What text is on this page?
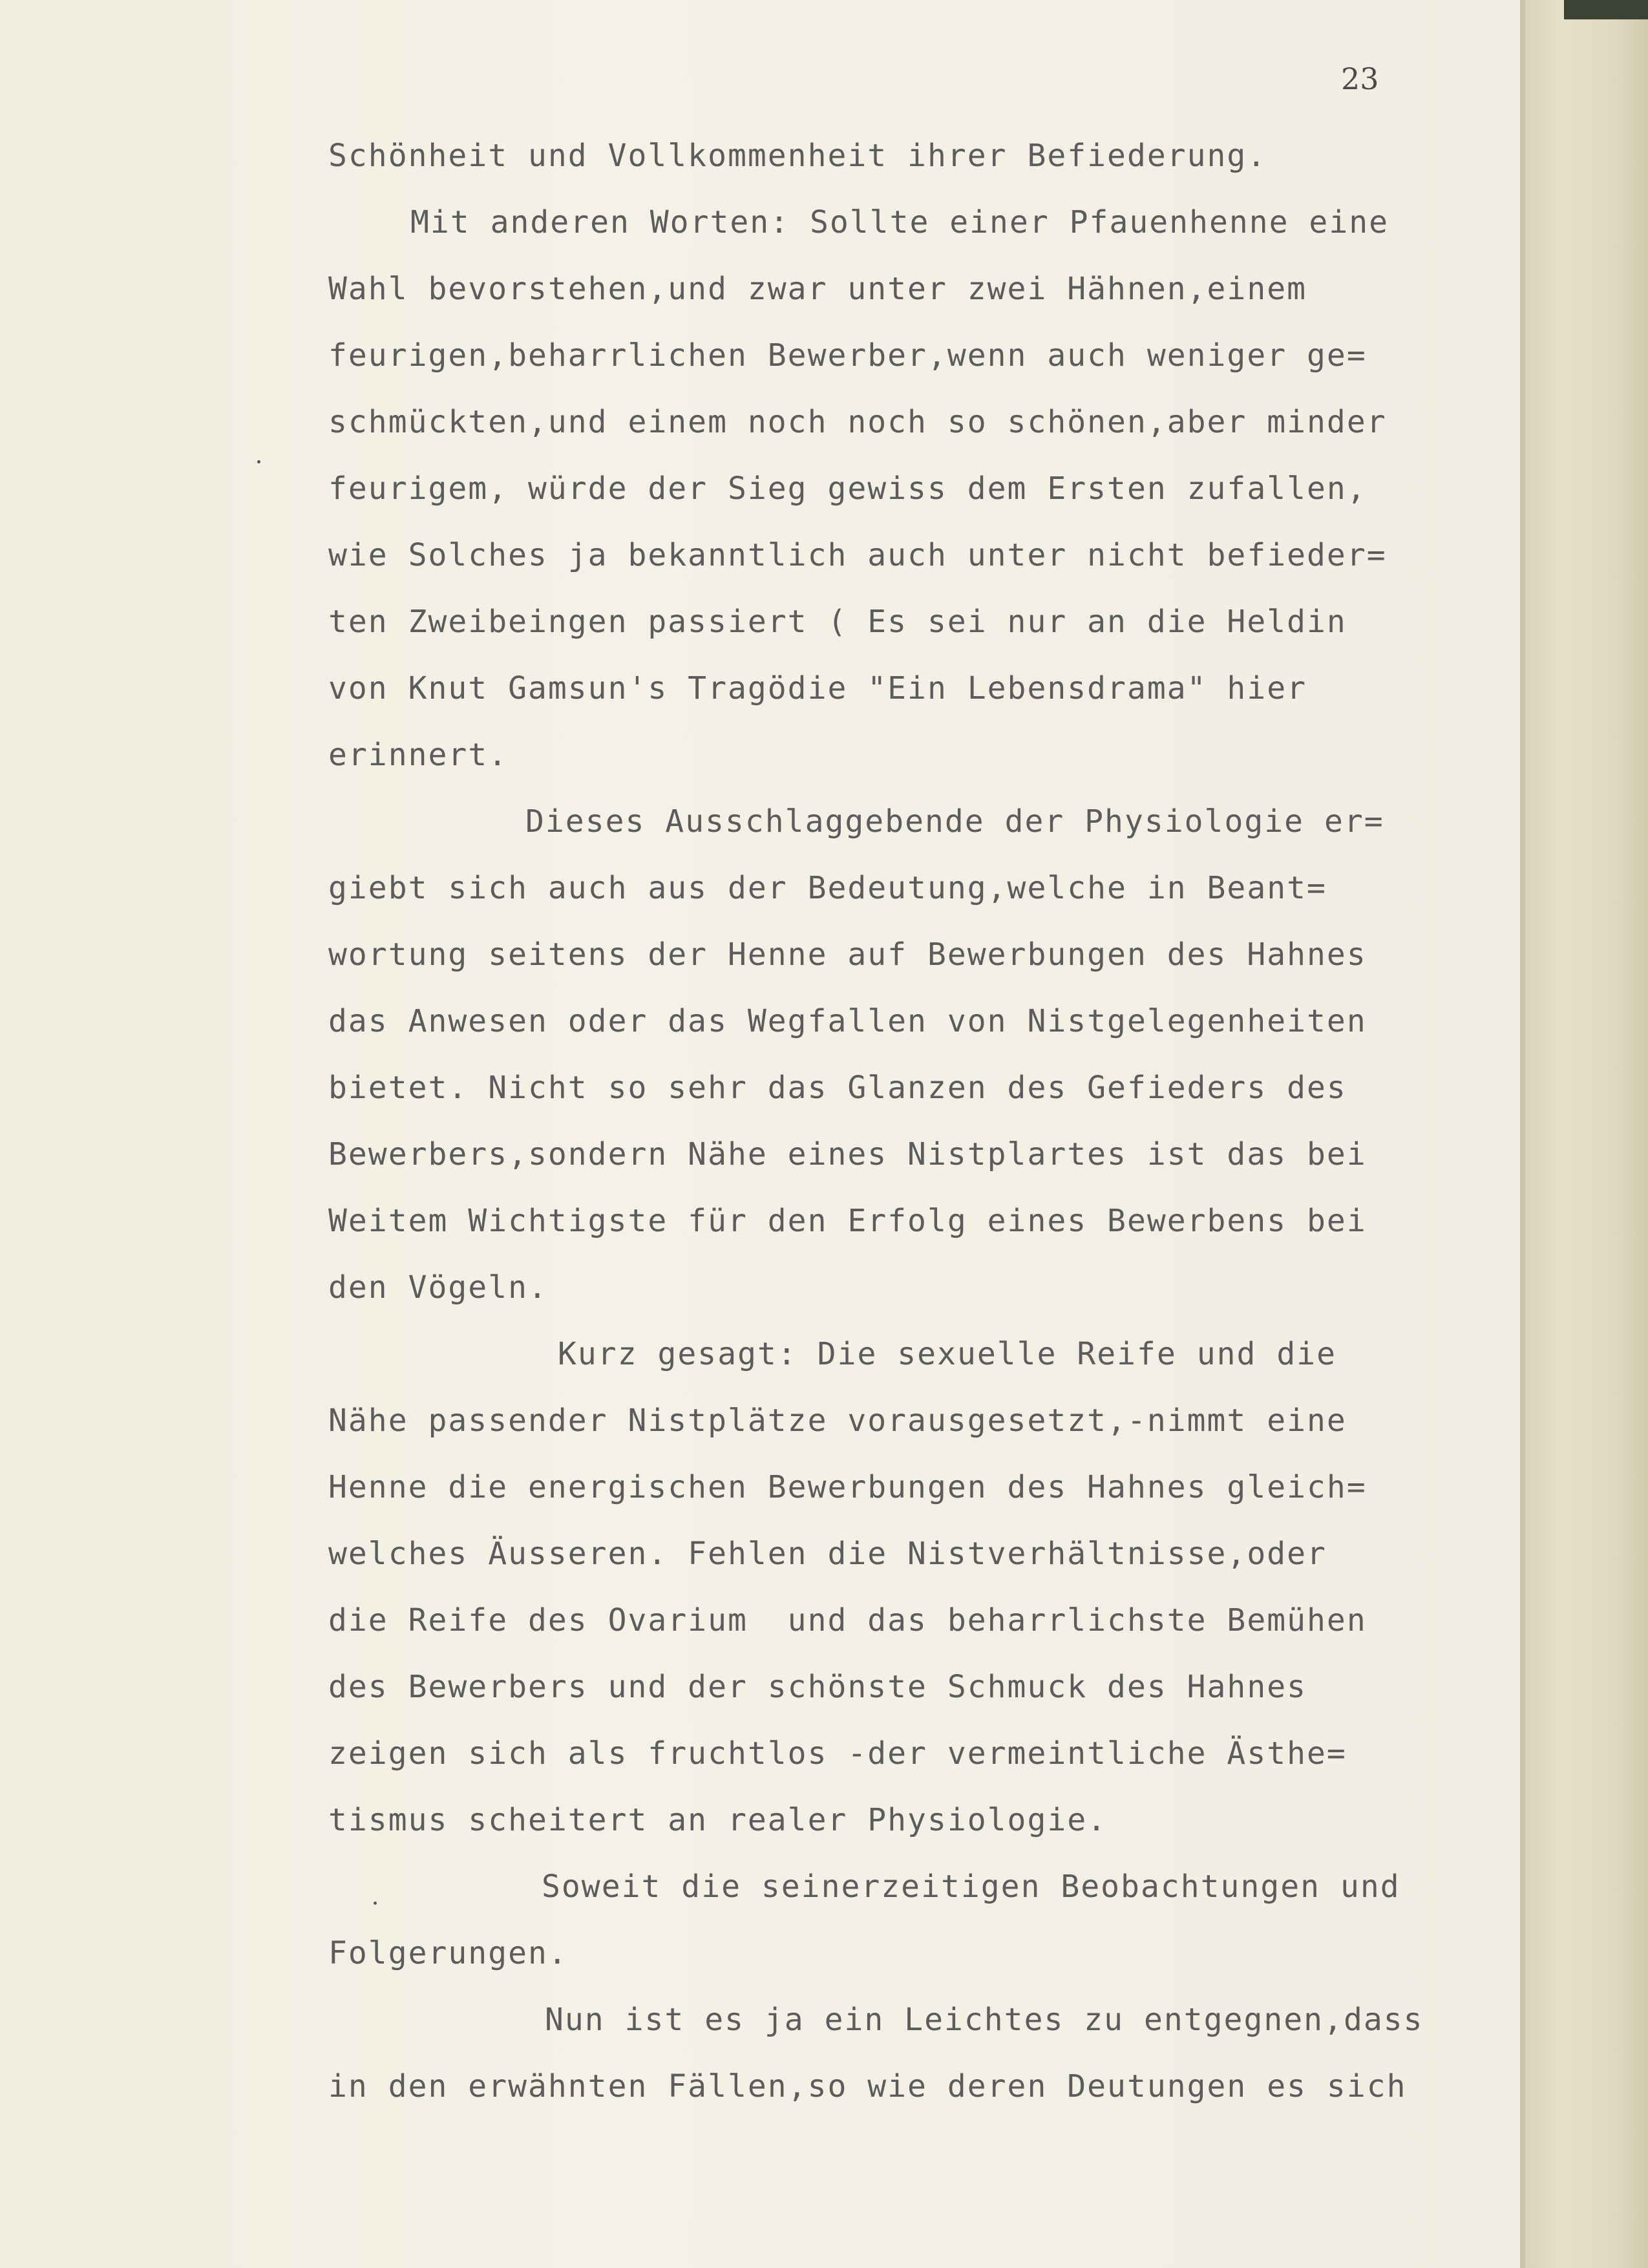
23
Schönheit und Vollkommenheit ihrer Befiederung.
Mit anderen Worten: Sollte einer Pfauenhenne eine
Wahl bevorstehen,und zwar unter zwei Hähnen,einem
feurigen,beharrlichen Bewerber,wenn auch weniger ge=
schmückten,und einem noch noch so schönen,aber minder
feurigem, würde der Sieg gewiss dem Ersten zufallen,
wie Solches ja bekanntlich auch unter nicht befieder=
ten Zweibeingen passiert ( Es sei nur an die Heldin
von Knut Gamsun's Tragödie "Ein Lebensdrama" hier
erinnert.
Dieses Ausschlaggebende der Physiologie er=
giebt sich auch aus der Bedeutung,welche in Beant=
wortung seitens der Henne auf Bewerbungen des Hahnes
das Anwesen oder das Wegfallen von Nistgelegenheiten
bietet. Nicht so sehr das Glanzen des Gefieders des
Bewerbers,sondern Nähe eines Nistplartes ist das bei
Weitem Wichtigste für den Erfolg eines Bewerbens bei
den Vögeln.
Kurz gesagt: Die sexuelle Reife und die
Nähe passender Nistplätze vorausgesetzt,-nimmt eine
Henne die energischen Bewerbungen des Hahnes gleich=
welches Äusseren. Fehlen die Nistverhältnisse,oder
die Reife des Ovarium  und das beharrlichste Bemühen
des Bewerbers und der schönste Schmuck des Hahnes
zeigen sich als fruchtlos -der vermeintliche Ästhe=
tismus scheitert an realer Physiologie.
Soweit die seinerzeitigen Beobachtungen und
Folgerungen.
Nun ist es ja ein Leichtes zu entgegnen,dass
in den erwähnten Fällen,so wie deren Deutungen es sich
